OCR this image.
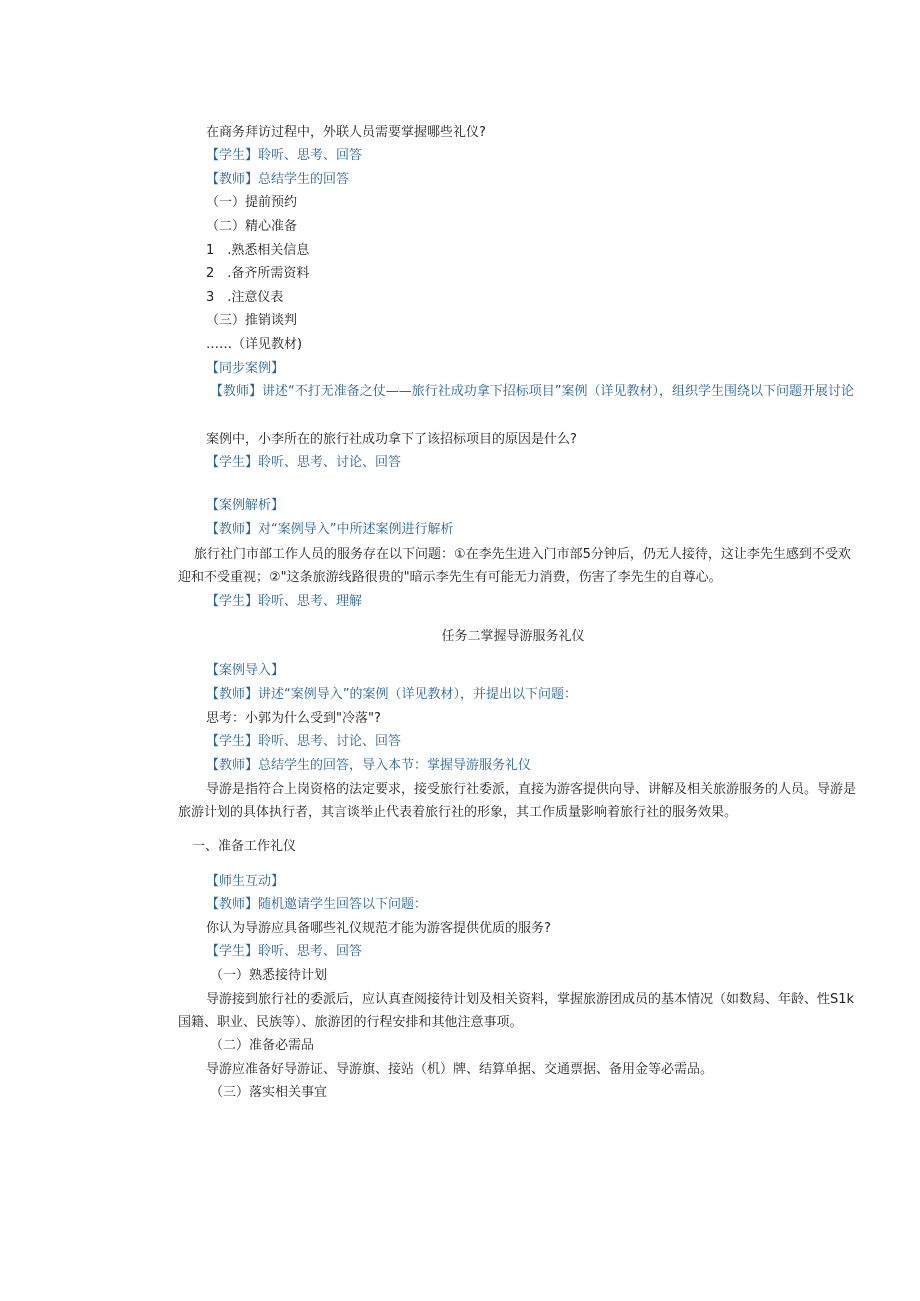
在商务拜访过程中，外联人员需要掌握哪些礼仪?
【学生】聆听、思考、回答
【教师】总结学生的回答
（一）提前预约
（二）精心准备
1　.熟悉相关信息
2　.备齐所需资料
3　.注意仪表
（三）推销谈判
……（详见教材)
【同步案例】
【教师】讲述“不打无准备之仗——旅行社成功拿下招标项目”案例（详见教材），组织学生围绕以下问题开展讨论
案例中，小李所在的旅行社成功拿下了该招标项目的原因是什么?
【学生】聆听、思考、讨论、回答
【案例解析】
【教师】对“案例导入”中所述案例进行解析
旅行社门市部工作人员的服务存在以下问题：①在李先生进入门市部5分钟后，仍无人接待，这让李先生感到不受欢迎和不受重视；②"这条旅游线路很贵的"暗示李先生有可能无力消费，伤害了李先生的自尊心。
【学生】聆听、思考、理解
任务二掌握导游服务礼仪
【案例导入】
【教师】讲述“案例导入”的案例（详见教材），并提出以下问题：
思考：小郭为什么受到"冷落"?
【学生】聆听、思考、讨论、回答
【教师】总结学生的回答，导入本节：掌握导游服务礼仪
导游是指符合上岗资格的法定要求，接受旅行社委派，直接为游客提供向导、讲解及相关旅游服务的人员。导游是旅游计划的具体执行者，其言谈举止代表着旅行社的形象，其工作质量影响着旅行社的服务效果。
一、准备工作礼仪
【师生互动】
【教师】随机邀请学生回答以下问题：
你认为导游应具备哪些礼仪规范才能为游客提供优质的服务?
【学生】聆听、思考、回答
（一）熟悉接待计划
导游接到旅行社的委派后，应认真查阅接待计划及相关资料，掌握旅游团成员的基本情况（如数舄、年龄、性S1k国籍、职业、民族等）、旅游团的行程安排和其他注意事项。
（二）准备必需品
导游应准备好导游证、导游旗、接站（机）牌、结算单据、交通票据、备用金等必需品。
（三）落实相关事宜
